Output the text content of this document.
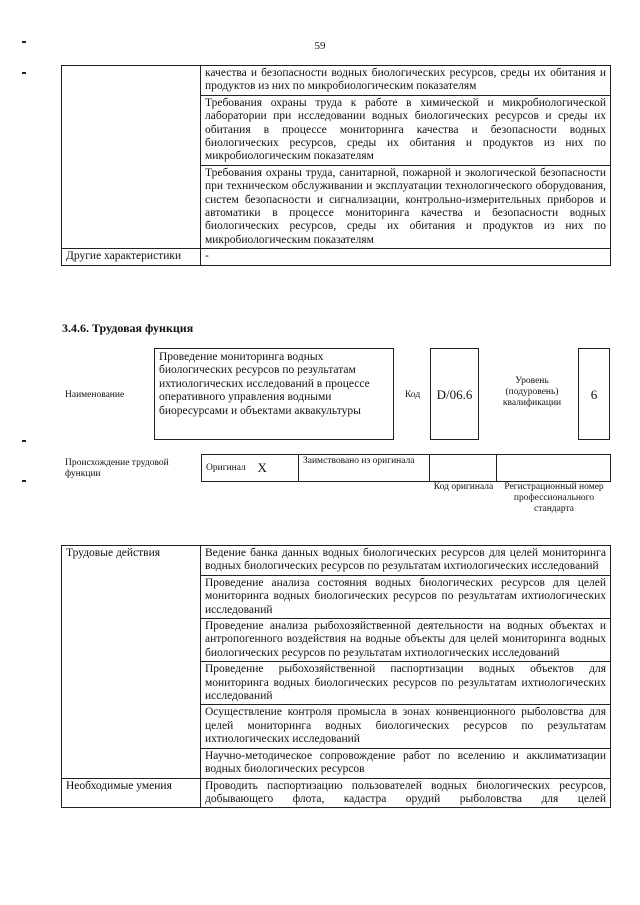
59
	качества и безопасности водных биологических ресурсов, среды их обитания и продуктов из них по микробиологическим показателям
	Требования охраны труда к работе в химической и микробиологической лаборатории при исследовании водных биологических ресурсов и среды их обитания в процессе мониторинга качества и безопасности водных биологических ресурсов, среды их обитания и продуктов из них по микробиологическим показателям
	Требования охраны труда, санитарной, пожарной и экологической безопасности при техническом обслуживании и эксплуатации технологического оборудования, систем безопасности и сигнализации, контрольно-измерительных приборов и автоматики в процессе мониторинга качества и безопасности водных биологических ресурсов, среды их обитания и продуктов из них по микробиологическим показателям
Другие характеристики	-
3.4.6. Трудовая функция
Наименование
Проведение мониторинга водных биологических ресурсов по результатам ихтиологических исследований в процессе оперативного управления водными биоресурсами и объектами аквакультуры
Код	D/06.6
Уровень (подуровень) квалификации
6
Происхождение трудовой функции
Оригинал	X	Заимствовано из оригинала		
Код оригинала	Регистрационный номер профессионального стандарта
Трудовые действия	Ведение банка данных водных биологических ресурсов для целей мониторинга водных биологических ресурсов по результатам ихтиологических исследований
	Проведение анализа состояния водных биологических ресурсов для целей мониторинга водных биологических ресурсов по результатам ихтиологических исследований
	Проведение анализа рыбохозяйственной деятельности на водных объектах и антропогенного воздействия на водные объекты для целей мониторинга водных биологических ресурсов по результатам ихтиологических исследований
	Проведение рыбохозяйственной паспортизации водных объектов для мониторинга водных биологических ресурсов по результатам ихтиологических исследований
	Осуществление контроля промысла в зонах конвенционного рыболовства для целей мониторинга водных биологических ресурсов по результатам ихтиологических исследований
	Научно-методическое сопровождение работ по вселению и акклиматизации водных биологических ресурсов
Необходимые умения	Проводить паспортизацию пользователей водных биологических ресурсов, добывающего флота, кадастра орудий рыболовства для целей
